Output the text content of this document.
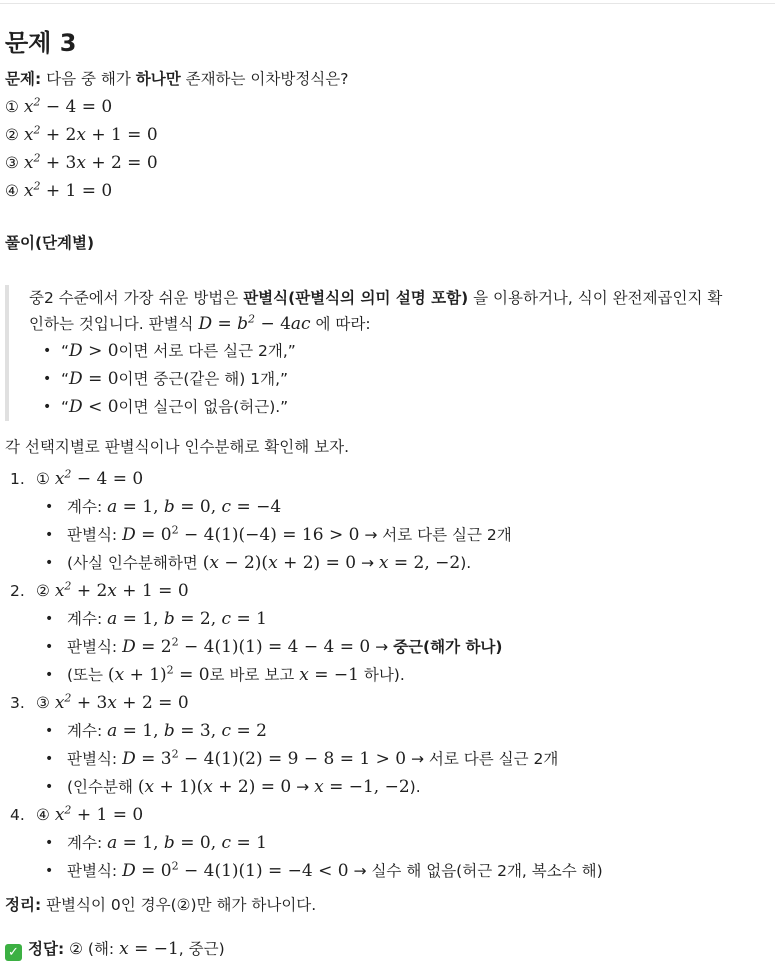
문제 3
문제: 다음 중 해가 하나만 존재하는 이차방정식은?
① $x^2 - 4 = 0$
② $x^2 + 2x + 1 = 0$
③ $x^2 + 3x + 2 = 0$
④ $x^2 + 1 = 0$
풀이(단계별)

중2 수준에서 가장 쉬운 방법은 판별식(판별식의 의미 설명 포함) 을 이용하거나, 식이 완전제곱인지 확

인하는 것입니다. 판별식 $D = b^2 - 4ac$ 에 따라:

• “D > 0이면 서로 다른 실근 2개,”
• “D = 0이면 중근(같은 해) 1개,”
• “D < 0이면 실근이 없음(허근).”
각 선택지별로 판별식이나 인수분해로 확인해 보자.
1. ① $x^2 - 4 = 0$
• 계수: a = 1, b = 0, c = −4
• 판별식: $D = 0^2 - 4(1)(-4) = 16 > 0$ → 서로 다른 실근 2개
• (사실 인수분해하면 (x − 2)(x + 2) = 0 → x = 2, −2).
2. ② $x^2 + 2x + 1 = 0$
• 계수: a = 1, b = 2, c = 1
• 판별식: $D = 2^2 - 4(1)(1) = 4 - 4 = 0$ → 중근(해가 하나)
• (또는 $(x + 1)^2 = 0$로 바로 보고 x = −1 하나).
3. ③ $x^2 + 3x + 2 = 0$
• 계수: a = 1, b = 3, c = 2
• 판별식: $D = 3^2 - 4(1)(2) = 9 - 8 = 1 > 0$ → 서로 다른 실근 2개
• (인수분해 (x + 1)(x + 2) = 0 → x = −1, −2).
4. ④ $x^2 + 1 = 0$
• 계수: a = 1, b = 0, c = 1
• 판별식: $D = 0^2 - 4(1)(1) = -4 < 0$ → 실수 해 없음(허근 2개, 복소수 해)
정리: 판별식이 0인 경우(②)만 해가 하나이다.
✓ 정답: ② (해: x = −1, 중근)
